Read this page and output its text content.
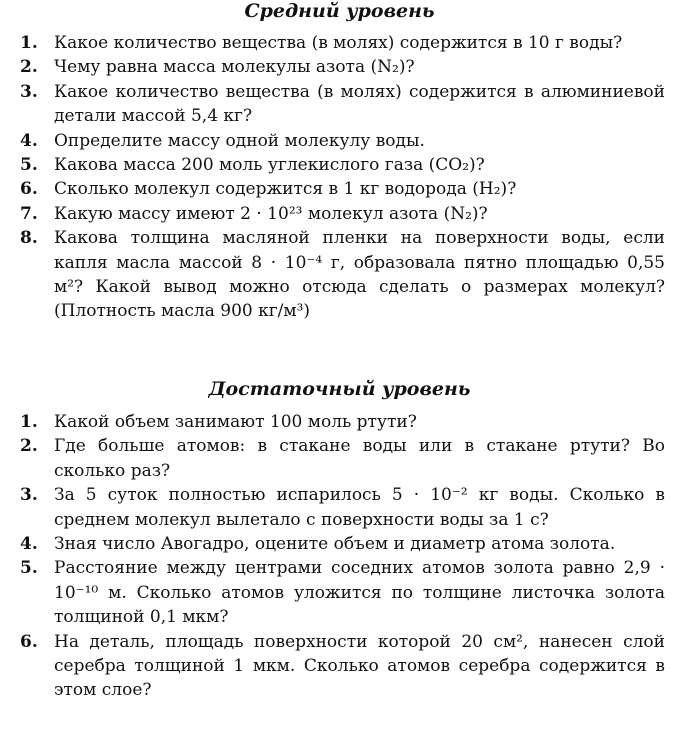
Средний уровень
1. Какое количество вещества (в молях) содержится в 10 г воды?
2. Чему равна масса молекулы азота (N₂)?
3. Какое количество вещества (в молях) содержится в алюминиевой детали массой 5,4 кг?
4. Определите массу одной молекулу воды.
5. Какова масса 200 моль углекислого газа (CO₂)?
6. Сколько молекул содержится в 1 кг водорода (H₂)?
7. Какую массу имеют 2 · 10²³ молекул азота (N₂)?
8. Какова толщина масляной пленки на поверхности воды, если капля масла массой 8 · 10⁻⁴ г, образовала пятно площадью 0,55 м²? Какой вывод можно отсюда сделать о размерах молекул? (Плотность масла 900 кг/м³)
Достаточный уровень
1. Какой объем занимают 100 моль ртути?
2. Где больше атомов: в стакане воды или в стакане ртути? Во сколько раз?
3. За 5 суток полностью испарилось 5 · 10⁻² кг воды. Сколько в среднем молекул вылетало с поверхности воды за 1 с?
4. Зная число Авогадро, оцените объем и диаметр атома золота.
5. Расстояние между центрами соседних атомов золота равно 2,9 · 10⁻¹⁰ м. Сколько атомов уложится по толщине листочка золота толщиной 0,1 мкм?
6. На деталь, площадь поверхности которой 20 см², нанесен слой серебра толщиной 1 мкм. Сколько атомов серебра содержится в этом слое?
